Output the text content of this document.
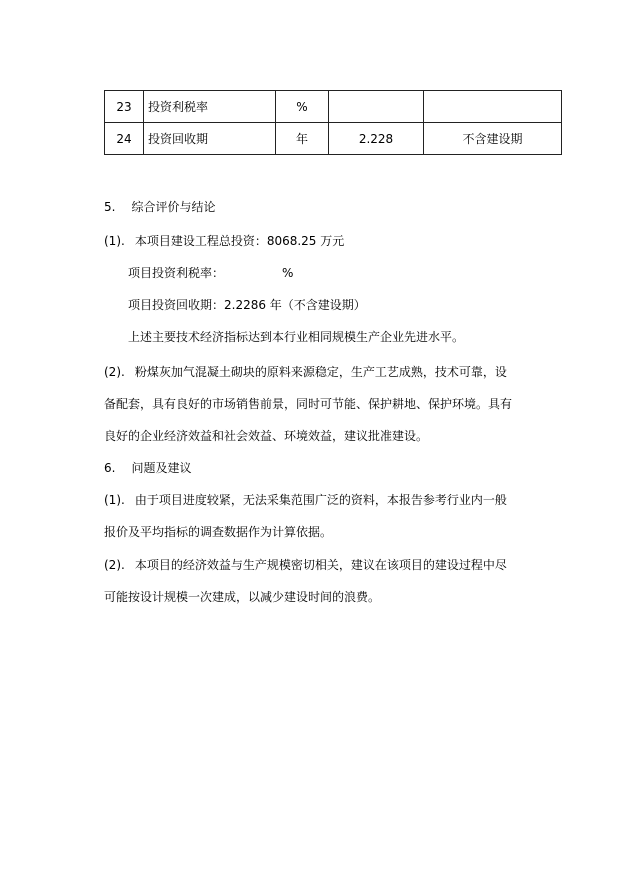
23	投资利税率	%		
24	投资回收期	年	2.228	不含建设期
5. 综合评价与结论
(1). 本项目建设工程总投资：8068.25 万元
项目投资利税率：	%
项目投资回收期：2.2286 年（不含建设期）
上述主要技术经济指标达到本行业相同规模生产企业先进水平。
(2). 粉煤灰加气混凝土砌块的原料来源稳定，生产工艺成熟，技术可靠，设
备配套，具有良好的市场销售前景，同时可节能、保护耕地、保护环境。具有
良好的企业经济效益和社会效益、环境效益，建议批准建设。
6. 问题及建议
(1). 由于项目进度较紧，无法采集范围广泛的资料，本报告参考行业内一般
报价及平均指标的调查数据作为计算依据。
(2). 本项目的经济效益与生产规模密切相关，建议在该项目的建设过程中尽
可能按设计规模一次建成，以减少建设时间的浪费。
